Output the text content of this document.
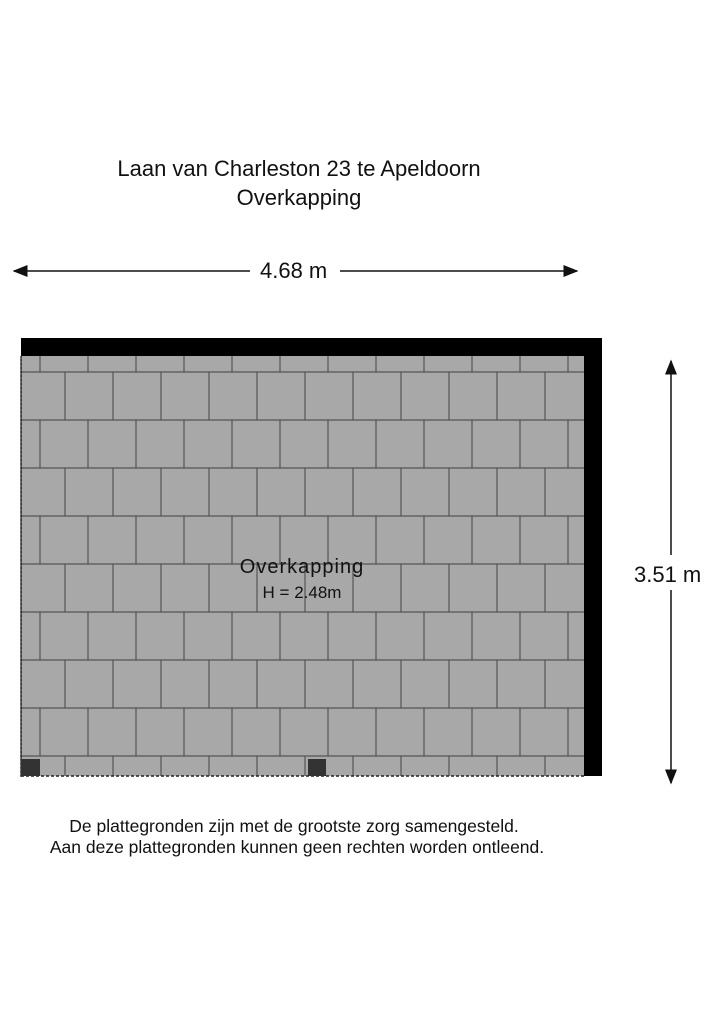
Laan van Charleston 23 te Apeldoorn
Overkapping
4.68 m
3.51 m
Overkapping
H = 2.48m
De plattegronden zijn met de grootste zorg samengesteld.
Aan deze plattegronden kunnen geen rechten worden ontleend.
